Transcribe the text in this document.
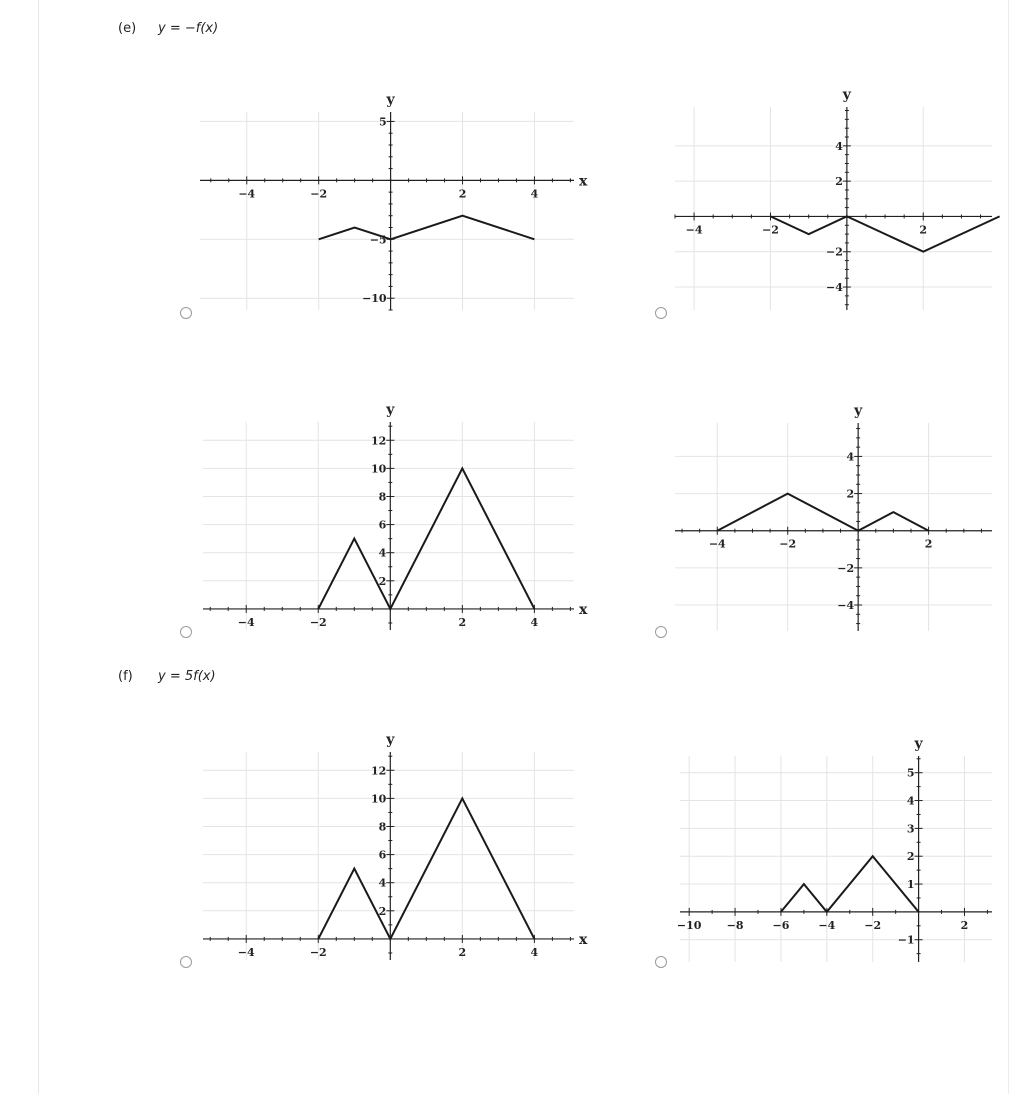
(e) y = −f(x)
(f) y = 5f(x)
−4	−2	2	4
5
−5
−10
y
x
−4	−2	2
4
2
−2
−4
y
−4	−2	2	4
12
10
8
6
4
2
y
x
−4	−2	2
4
2
−2
−4
y
−4	−2	2	4
12
10
8
6
4
2
y
x
−10 −8	−6	−4	−2	2
5
4
3
2
1
−1
y
